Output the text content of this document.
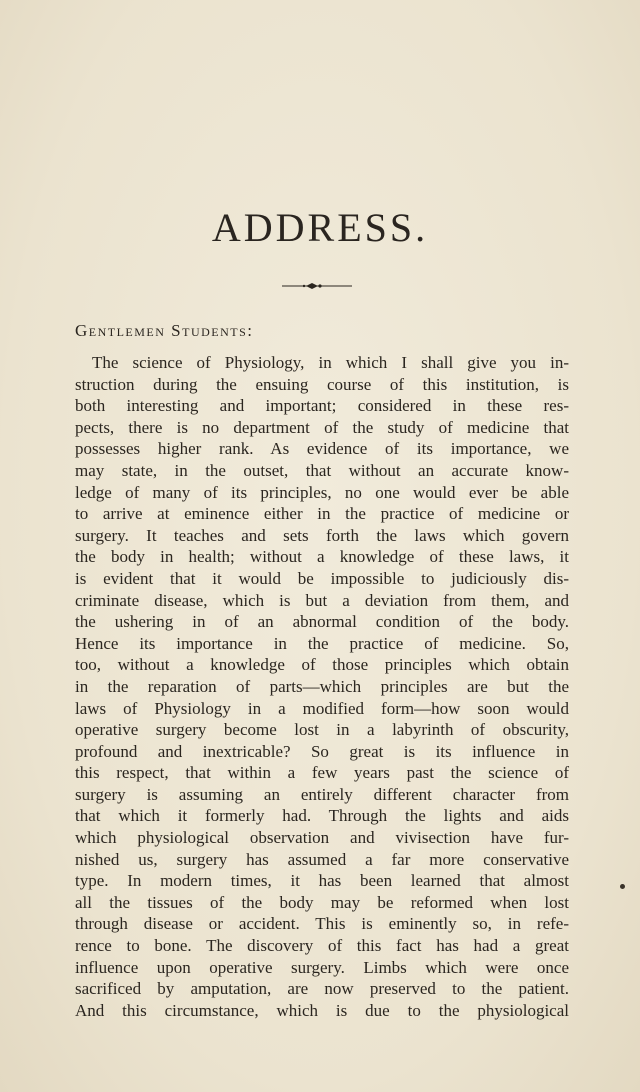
ADDRESS.
Gentlemen Students:
The science of Physiology, in which I shall give you in-
struction during the ensuing course of this institution, is
both interesting and important; considered in these res-
pects, there is no department of the study of medicine that
possesses higher rank. As evidence of its importance, we
may state, in the outset, that without an accurate know-
ledge of many of its principles, no one would ever be able
to arrive at eminence either in the practice of medicine or
surgery. It teaches and sets forth the laws which govern
the body in health; without a knowledge of these laws, it
is evident that it would be impossible to judiciously dis-
criminate disease, which is but a deviation from them, and
the ushering in of an abnormal condition of the body.
Hence its importance in the practice of medicine. So,
too, without a knowledge of those principles which obtain
in the reparation of parts—which principles are but the
laws of Physiology in a modified form—how soon would
operative surgery become lost in a labyrinth of obscurity,
profound and inextricable? So great is its influence in
this respect, that within a few years past the science of
surgery is assuming an entirely different character from
that which it formerly had. Through the lights and aids
which physiological observation and vivisection have fur-
nished us, surgery has assumed a far more conservative
type. In modern times, it has been learned that almost
all the tissues of the body may be reformed when lost
through disease or accident. This is eminently so, in refe-
rence to bone. The discovery of this fact has had a great
influence upon operative surgery. Limbs which were once
sacrificed by amputation, are now preserved to the patient.
And this circumstance, which is due to the physiological
